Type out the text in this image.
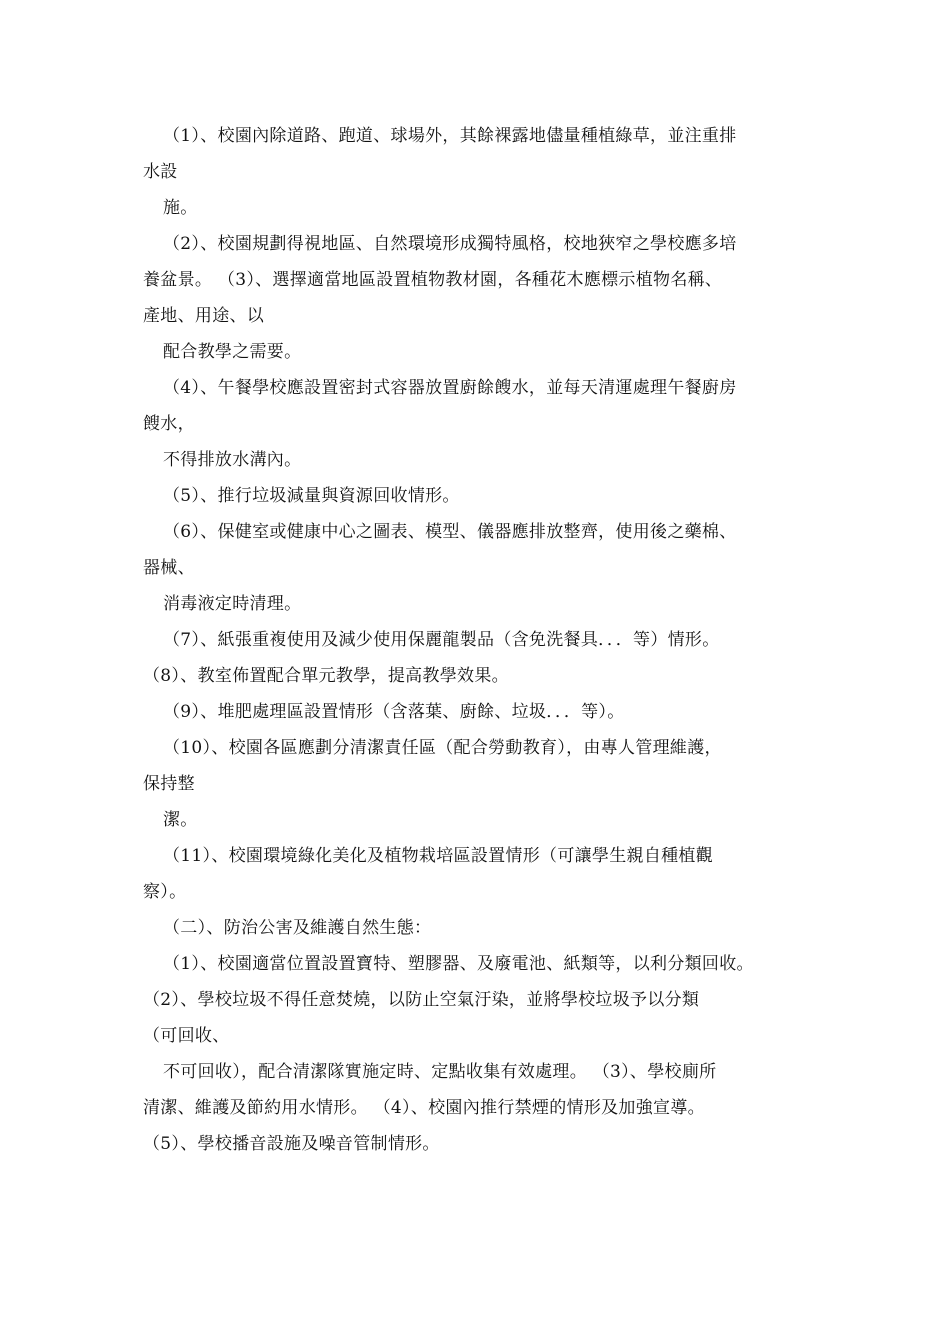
（1）、校園內除道路、跑道、球場外，其餘裸露地儘量種植綠草，並注重排
水設
施。
（2）、校園規劃得視地區、自然環境形成獨特風格，校地狹窄之學校應多培
養盆景。 （3）、選擇適當地區設置植物教材園，各種花木應標示植物名稱、
產地、用途、以
配合教學之需要。
（4）、午餐學校應設置密封式容器放置廚餘餿水，並每天清運處理午餐廚房
餿水，
不得排放水溝內。
（5）、推行垃圾減量與資源回收情形。
（6）、保健室或健康中心之圖表、模型、儀器應排放整齊，使用後之藥棉、
器械、
消毒液定時清理。
（7）、紙張重複使用及減少使用保麗龍製品（含免洗餐具．．．等）情形。
（8）、教室佈置配合單元教學，提高教學效果。
（9）、堆肥處理區設置情形（含落葉、廚餘、垃圾．．．等）。
（10）、校園各區應劃分清潔責任區（配合勞動教育），由專人管理維護，
保持整
潔。
（11）、校園環境綠化美化及植物栽培區設置情形（可讓學生親自種植觀
察）。
（二）、防治公害及維護自然生態：
（1）、校園適當位置設置寶特、塑膠器、及廢電池、紙類等，以利分類回收。
（2）、學校垃圾不得任意焚燒，以防止空氣汙染，並將學校垃圾予以分類
（可回收、
不可回收），配合清潔隊實施定時、定點收集有效處理。 （3）、學校廁所
清潔、維護及節約用水情形。 （4）、校園內推行禁煙的情形及加強宣導。
（5）、學校播音設施及噪音管制情形。
